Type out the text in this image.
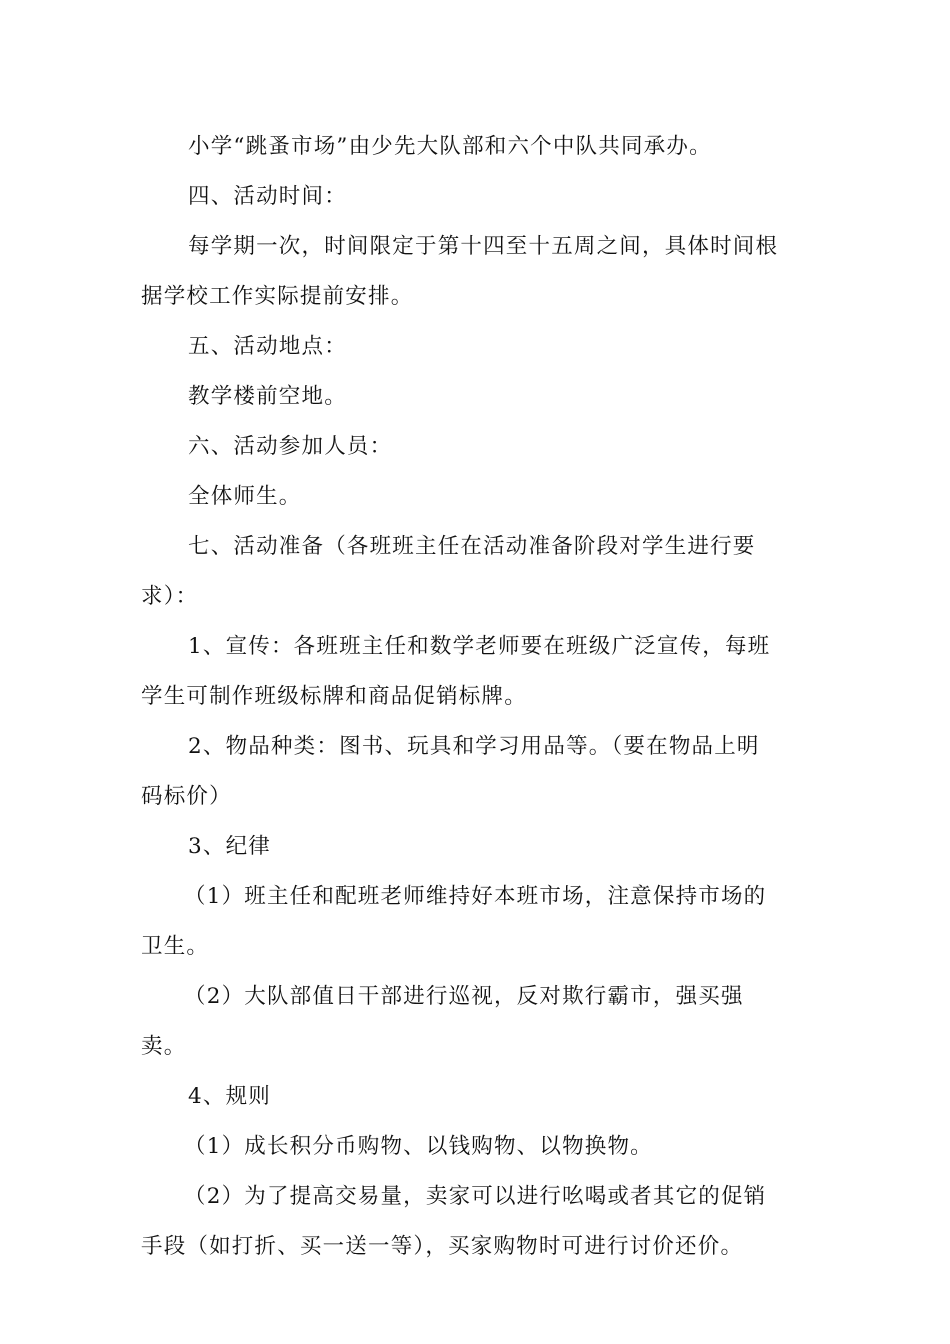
小学“跳蚤市场”由少先大队部和六个中队共同承办。

四、活动时间：

每学期一次，时间限定于第十四至十五周之间，具体时间根据学校工作实际提前安排。

五、活动地点：

教学楼前空地。

六、活动参加人员：

全体师生。

七、活动准备（各班班主任在活动准备阶段对学生进行要求）：

1、宣传：各班班主任和数学老师要在班级广泛宣传，每班学生可制作班级标牌和商品促销标牌。

2、物品种类：图书、玩具和学习用品等。（要在物品上明码标价）

3、纪律

（1）班主任和配班老师维持好本班市场，注意保持市场的卫生。

（2）大队部值日干部进行巡视，反对欺行霸市，强买强卖。

4、规则

（1）成长积分币购物、以钱购物、以物换物。

（2）为了提高交易量，卖家可以进行吆喝或者其它的促销手段（如打折、买一送一等），买家购物时可进行讨价还价。
